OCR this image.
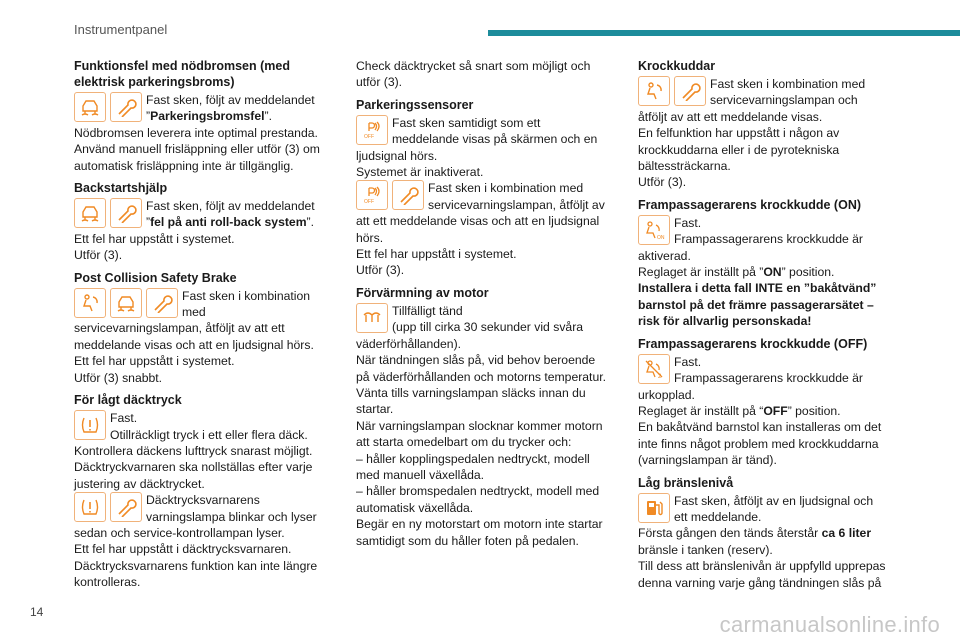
Instrumentpanel
Funktionsfel med nödbromsen (med elektrisk parkeringsbroms)

Fast sken, följt av meddelandet ”Parkeringsbromsfel”.

Nödbromsen leverera inte optimal prestanda. Använd manuell frisläppning eller utför (3) om automatisk frisläppning inte är tillgänglig.

Backstartshjälp

Fast sken, följt av meddelandet ”fel på anti roll-back system”.

Ett fel har uppstått i systemet.

Utför (3).

Post Collision Safety Brake

Fast sken i kombination med servicevarningslampan, åtföljt av att ett meddelande visas och att en ljudsignal hörs.

Ett fel har uppstått i systemet.

Utför (3) snabbt.

För lågt däcktryck

Fast.

Otillräckligt tryck i ett eller flera däck.

Kontrollera däckens lufttryck snarast möjligt.

Däcktryckvarnaren ska nollställas efter varje justering av däcktrycket.

Däcktrycksvarnarens varningslampa blinkar och lyser sedan och service-kontrollampan lyser.

Ett fel har uppstått i däcktrycksvarnaren.

Däcktrycksvarnarens funktion kan inte längre kontrolleras.

Check däcktrycket så snart som möjligt och utför (3).

Parkeringssensorer
OFF

Fast sken samtidigt som ett meddelande visas på skärmen och en ljudsignal hörs.

Systemet är inaktiverat.

OFF

Fast sken i kombination med servicevarningslampan, åtföljt av att ett meddelande visas och att en ljudsignal hörs.

Ett fel har uppstått i systemet.

Utför (3).

Förvärmning av motor

Tillfälligt tänd

(upp till cirka 30 sekunder vid svåra väderförhållanden).

När tändningen slås på, vid behov beroende på väderförhållanden och motorns temperatur.

Vänta tills varningslampan släcks innan du startar.

När varningslampan slocknar kommer motorn att starta omedelbart om du trycker och:

– håller kopplingspedalen nedtryckt, modell med manuell växellåda.

– håller bromspedalen nedtryckt, modell med automatisk växellåda.

Begär en ny motorstart om motorn inte startar samtidigt som du håller foten på pedalen.

Krockkuddar

Fast sken i kombination med servicevarningslampan och åtföljt av att ett meddelande visas.

En felfunktion har uppstått i någon av krockkuddarna eller i de pyrotekniska bältessträckarna.

Utför (3).

Frampassagerarens krockkudde (ON)
ON

Fast.

Frampassagerarens krockkudde är aktiverad.

Reglaget är inställt på ”ON” position.

Installera i detta fall INTE en ”bakåtvänd” barnstol på det främre passagerarsätet – risk för allvarlig personskada!

Frampassagerarens krockkudde (OFF)
2

Fast.

Frampassagerarens krockkudde är urkopplad.

Reglaget är inställt på “OFF” position.

En bakåtvänd barnstol kan installeras om det inte finns något problem med krockkuddarna (varningslampan är tänd).

Låg bränslenivå

Fast sken, åtföljt av en ljudsignal och ett meddelande.

Första gången den tänds återstår ca 6 liter bränsle i tanken (reserv).

Till dess att bränslenivån är uppfylld upprepas denna varning varje gång tändningen slås på

14	carmanualsonline.info
